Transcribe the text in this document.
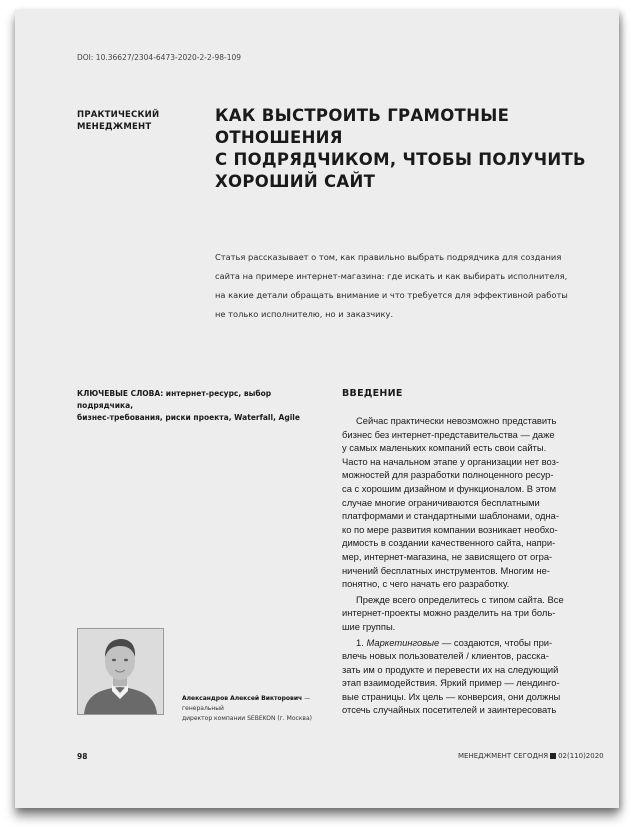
DOI: 10.36627/2304-6473-2020-2-2-98-109
ПРАКТИЧЕСКИЙ
МЕНЕДЖМЕНТ
КАК ВЫСТРОИТЬ ГРАМОТНЫЕ ОТНОШЕНИЯ
С ПОДРЯДЧИКОМ, ЧТОБЫ ПОЛУЧИТЬ
ХОРОШИЙ САЙТ
Статья рассказывает о том, как правильно выбрать подрядчика для создания
сайта на примере интернет-магазина: где искать и как выбирать исполнителя,
на какие детали обращать внимание и что требуется для эффективной работы
не только исполнителю, но и заказчику.
КЛЮЧЕВЫЕ СЛОВА: интернет-ресурс, выбор подрядчика,
бизнес-требования, риски проекта, Waterfall, Agile
ВВЕДЕНИЕ

Сейчас практически невозможно представить
бизнес без интернет-представительства — даже
у самых маленьких компаний есть свои сайты.
Часто на начальном этапе у организации нет воз-
можностей для разработки полноценного ресур-
са с хорошим дизайном и функционалом. В этом
случае многие ограничиваются бесплатными
платформами и стандартными шаблонами, одна-
ко по мере развития компании возникает необхо-
димость в создании качественного сайта, напри-
мер, интернет-магазина, не зависящего от огра-
ничений бесплатных инструментов. Многим не-
понятно, с чего начать его разработку.

Прежде всего определитесь с типом сайта. Все
интернет-проекты можно разделить на три боль-
шие группы.

1. Маркетинговые — создаются, чтобы при-
влечь новых пользователей / клиентов, расска-
зать им о продукте и перевести их на следующий
этап взаимодействия. Яркий пример — лендинго-
вые страницы. Их цель — конверсия, они должны
отсечь случайных посетителей и заинтересовать

Александров Алексей Викторович — генеральный
директор компании SEBEKON (г. Москва)
98	МЕНЕДЖМЕНТ СЕГОДНЯ 02(110)2020
